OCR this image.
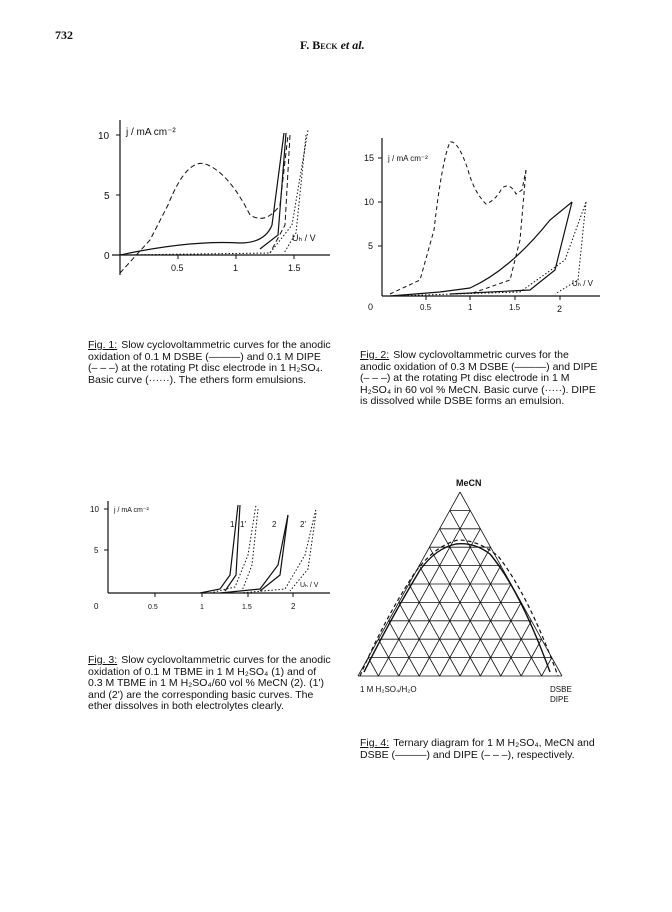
732
F. Beck et al.
10
5
0
0.5	1	1.5
j / mA cm⁻²
Uₕ / V
Fig. 1: Slow cyclovoltammetric curves for the anodic oxidation of 0.1 M DSBE (———) and 0.1 M DIPE (– – –) at the rotating Pt disc electrode in 1 H₂SO₄. Basic curve (······). The ethers form emulsions.
15
10
5
0	0.5	1	1.5	2
j / mA cm⁻²
Uₕ / V
Fig. 2: Slow cyclovoltammetric curves for the anodic oxidation of 0.3 M DSBE (———) and DIPE (– – –) at the rotating Pt disc electrode in 1 M H₂SO₄ in 60 vol % MeCN. Basic curve (·····). DIPE is dissolved while DSBE forms an emulsion.
10
5
0	0.5	1	1.5	2
j / mA cm⁻²
Uₕ / V
1 1'	2	2'
Fig. 3: Slow cyclovoltammetric curves for the anodic oxidation of 0.1 M TBME in 1 M H₂SO₄ (1) and of 0.3 M TBME in 1 M H₂SO₄/60 vol % MeCN (2). (1') and (2') are the corresponding basic curves. The ether dissolves in both electrolytes clearly.
MeCN
1 M H₂SO₄/H₂O	DSBE
DIPE
Fig. 4: Ternary diagram for 1 M H₂SO₄, MeCN and DSBE (———) and DIPE (– – –), respectively.
